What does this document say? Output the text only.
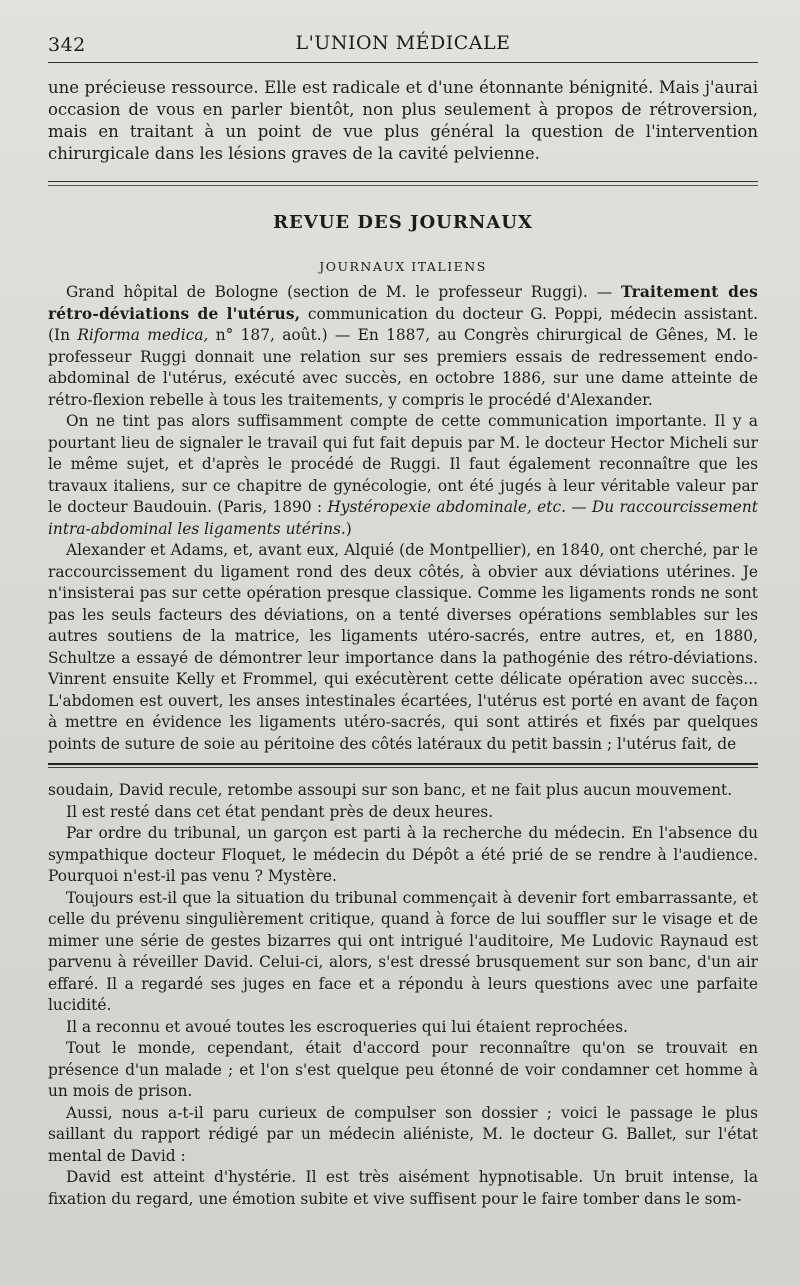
342	L'UNION MÉDICALE

une précieuse ressource. Elle est radicale et d'une étonnante bénignité. Mais j'aurai occasion de vous en parler bientôt, non plus seulement à propos de rétroversion, mais en traitant à un point de vue plus général la question de l'intervention chirurgicale dans les lésions graves de la cavité pelvienne.

REVUE DES JOURNAUX
JOURNAUX ITALIENS

Grand hôpital de Bologne (section de M. le professeur Ruggi). — Traitement des rétro-déviations de l'utérus, communication du docteur G. Poppi, médecin assistant. (In Riforma medica, n° 187, août.) — En 1887, au Congrès chirurgical de Gênes, M. le professeur Ruggi donnait une relation sur ses premiers essais de redressement endo-abdominal de l'utérus, exécuté avec succès, en octobre 1886, sur une dame atteinte de rétro-flexion rebelle à tous les traitements, y compris le procédé d'Alexander.

On ne tint pas alors suffisamment compte de cette communication importante. Il y a pourtant lieu de signaler le travail qui fut fait depuis par M. le docteur Hector Micheli sur le même sujet, et d'après le procédé de Ruggi. Il faut également reconnaître que les travaux italiens, sur ce chapitre de gynécologie, ont été jugés à leur véritable valeur par le docteur Baudouin. (Paris, 1890 : Hystéropexie abdominale, etc. — Du raccourcissement intra-abdominal les ligaments utérins.)

Alexander et Adams, et, avant eux, Alquié (de Montpellier), en 1840, ont cherché, par le raccourcissement du ligament rond des deux côtés, à obvier aux déviations utérines. Je n'insisterai pas sur cette opération presque classique. Comme les ligaments ronds ne sont pas les seuls facteurs des déviations, on a tenté diverses opérations semblables sur les autres soutiens de la matrice, les ligaments utéro-sacrés, entre autres, et, en 1880, Schultze a essayé de démontrer leur importance dans la pathogénie des rétro-déviations. Vinrent ensuite Kelly et Frommel, qui exécutèrent cette délicate opération avec succès... L'abdomen est ouvert, les anses intestinales écartées, l'utérus est porté en avant de façon à mettre en évidence les ligaments utéro-sacrés, qui sont attirés et fixés par quelques points de suture de soie au péritoine des côtés latéraux du petit bassin ; l'utérus fait, de

soudain, David recule, retombe assoupi sur son banc, et ne fait plus aucun mouvement.

Il est resté dans cet état pendant près de deux heures.

Par ordre du tribunal, un garçon est parti à la recherche du médecin. En l'absence du sympathique docteur Floquet, le médecin du Dépôt a été prié de se rendre à l'audience. Pourquoi n'est-il pas venu ? Mystère.

Toujours est-il que la situation du tribunal commençait à devenir fort embarrassante, et celle du prévenu singulièrement critique, quand à force de lui souffler sur le visage et de mimer une série de gestes bizarres qui ont intrigué l'auditoire, Me Ludovic Raynaud est parvenu à réveiller David. Celui-ci, alors, s'est dressé brusquement sur son banc, d'un air effaré. Il a regardé ses juges en face et a répondu à leurs questions avec une parfaite lucidité.

Il a reconnu et avoué toutes les escroqueries qui lui étaient reprochées.

Tout le monde, cependant, était d'accord pour reconnaître qu'on se trouvait en présence d'un malade ; et l'on s'est quelque peu étonné de voir condamner cet homme à un mois de prison.

Aussi, nous a-t-il paru curieux de compulser son dossier ; voici le passage le plus saillant du rapport rédigé par un médecin aliéniste, M. le docteur G. Ballet, sur l'état mental de David :

David est atteint d'hystérie. Il est très aisément hypnotisable. Un bruit intense, la fixation du regard, une émotion subite et vive suffisent pour le faire tomber dans le som-
